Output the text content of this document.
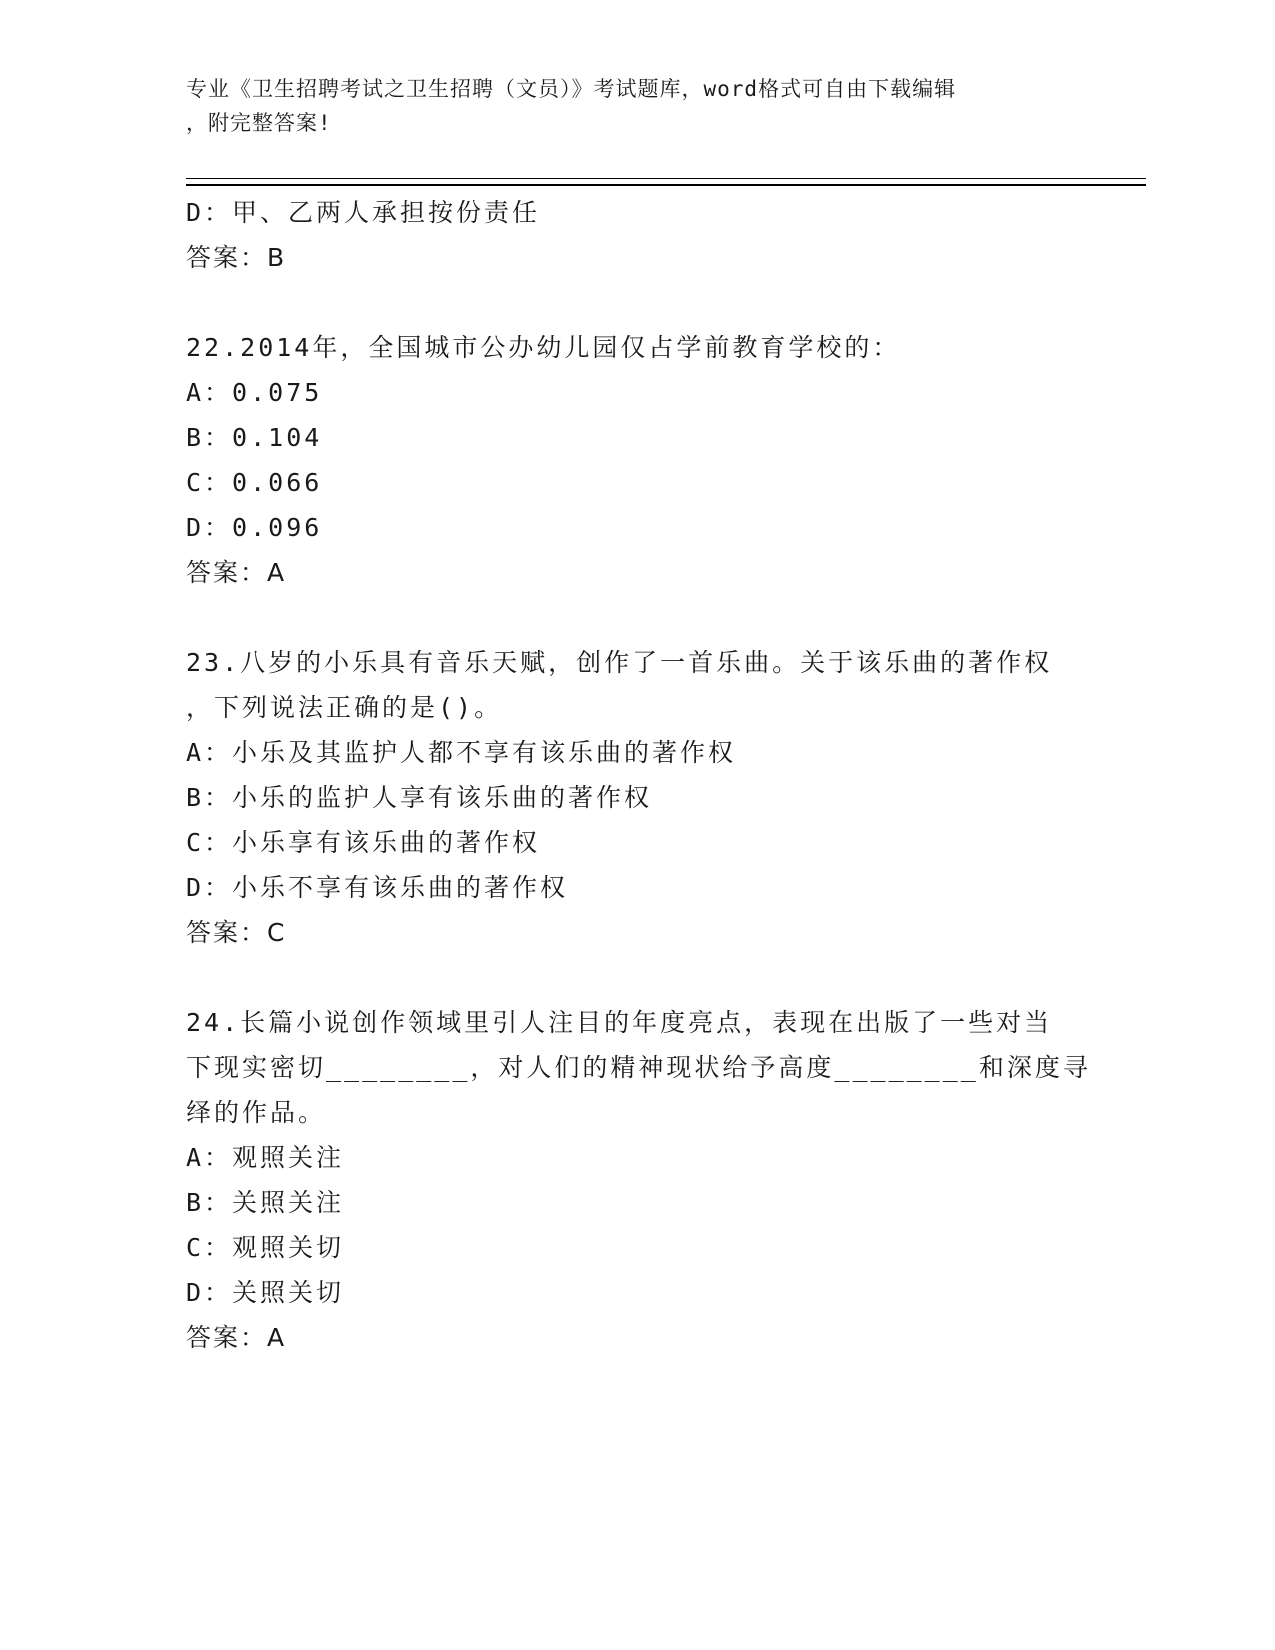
专业《卫生招聘考试之卫生招聘（文员）》考试题库，word格式可自由下载编辑
，附完整答案!
D：甲、乙两人承担按份责任
答案：B
22.2014年，全国城市公办幼儿园仅占学前教育学校的：
A：0.075
B：0.104
C：0.066
D：0.096
答案：A
23.八岁的小乐具有音乐天赋，创作了一首乐曲。关于该乐曲的著作权
，下列说法正确的是()。
A：小乐及其监护人都不享有该乐曲的著作权
B：小乐的监护人享有该乐曲的著作权
C：小乐享有该乐曲的著作权
D：小乐不享有该乐曲的著作权
答案：C
24.长篇小说创作领域里引人注目的年度亮点，表现在出版了一些对当
下现实密切________，对人们的精神现状给予高度________和深度寻
绎的作品。
A：观照关注
B：关照关注
C：观照关切
D：关照关切
答案：A
